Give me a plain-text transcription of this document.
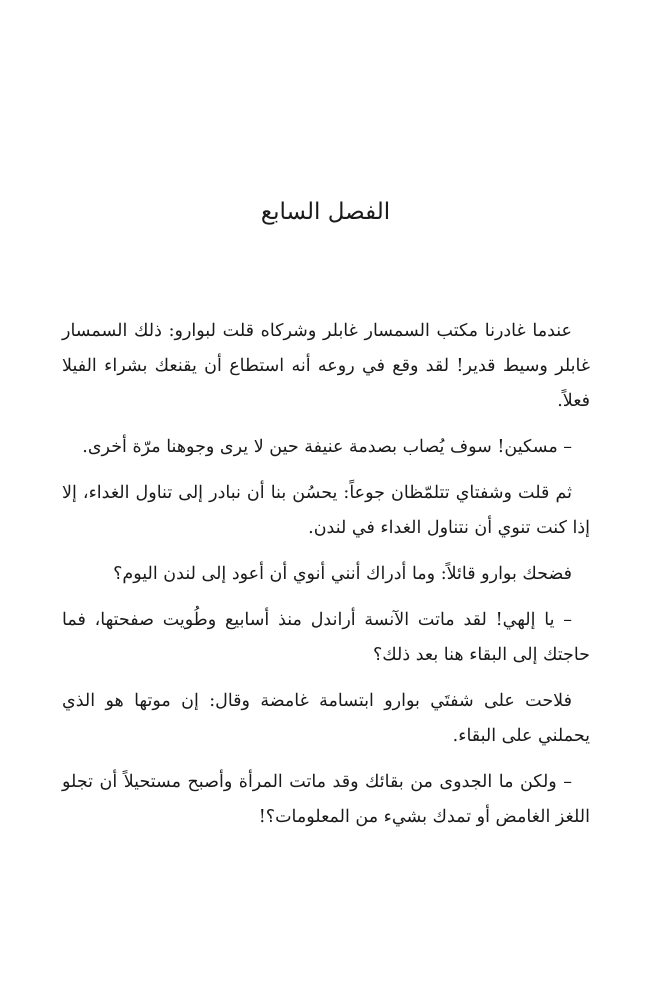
الفصل السابع

عندما غادرنا مكتب السمسار غابلر وشركاه قلت لبوارو: ذلك السمسار غابلر وسيط قدير! لقد وقع في روعه أنه استطاع أن يقنعك بشراء الفيلا فعلاً.

– مسكين! سوف يُصاب بصدمة عنيفة حين لا يرى وجوهنا مرّة أخرى.

ثم قلت وشفتاي تتلمّظان جوعاً: يحسُن بنا أن نبادر إلى تناول الغداء، إلا إذا كنت تنوي أن نتناول الغداء في لندن.

فضحك بوارو قائلاً: وما أدراك أنني أنوي أن أعود إلى لندن اليوم؟

– يا إلهي! لقد ماتت الآنسة أراندل منذ أسابيع وطُويت صفحتها، فما حاجتك إلى البقاء هنا بعد ذلك؟

فلاحت على شفتَي بوارو ابتسامة غامضة وقال: إن موتها هو الذي يحملني على البقاء.

– ولكن ما الجدوى من بقائك وقد ماتت المرأة وأصبح مستحيلاً أن تجلو اللغز الغامض أو تمدك بشيء من المعلومات؟!
